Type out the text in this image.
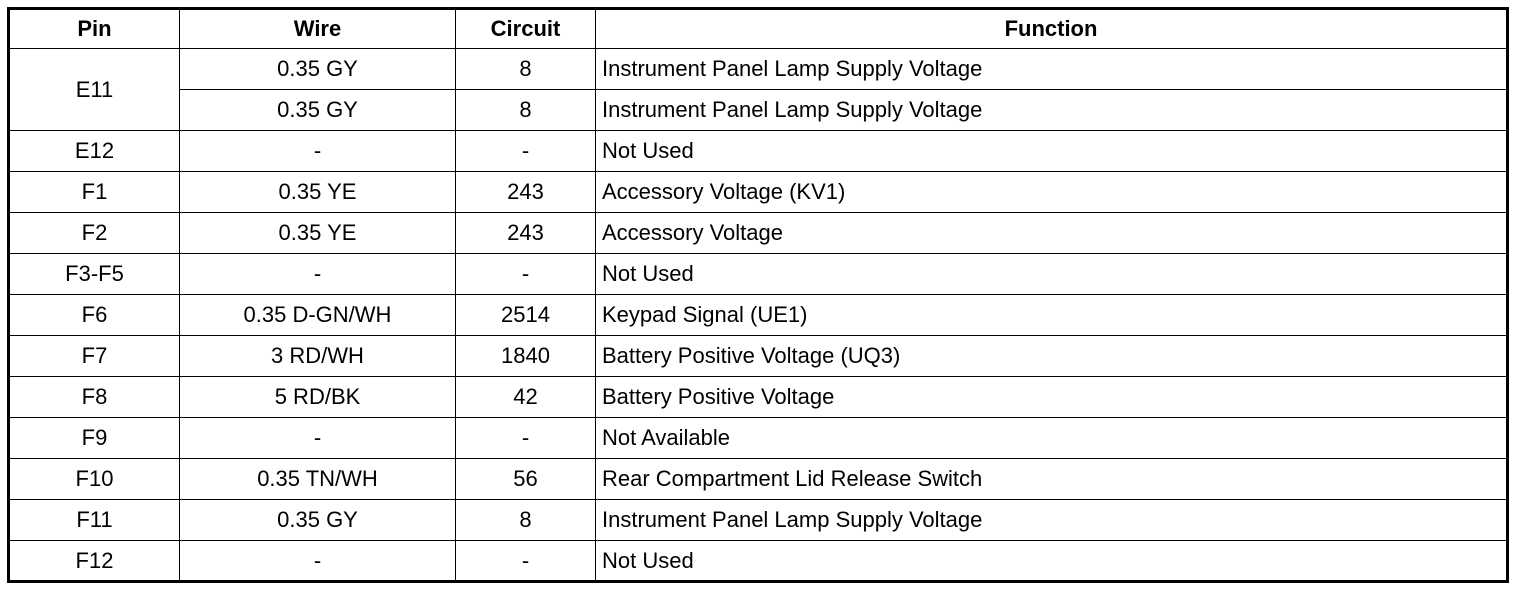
Pin	Wire	Circuit	Function
E11	0.35 GY	8	Instrument Panel Lamp Supply Voltage
	0.35 GY	8	Instrument Panel Lamp Supply Voltage
E12	-	-	Not Used
F1	0.35 YE	243	Accessory Voltage (KV1)
F2	0.35 YE	243	Accessory Voltage
F3-F5	-	-	Not Used
F6	0.35 D-GN/WH	2514	Keypad Signal (UE1)
F7	3 RD/WH	1840	Battery Positive Voltage (UQ3)
F8	5 RD/BK	42	Battery Positive Voltage
F9	-	-	Not Available
F10	0.35 TN/WH	56	Rear Compartment Lid Release Switch
F11	0.35 GY	8	Instrument Panel Lamp Supply Voltage
F12	-	-	Not Used
